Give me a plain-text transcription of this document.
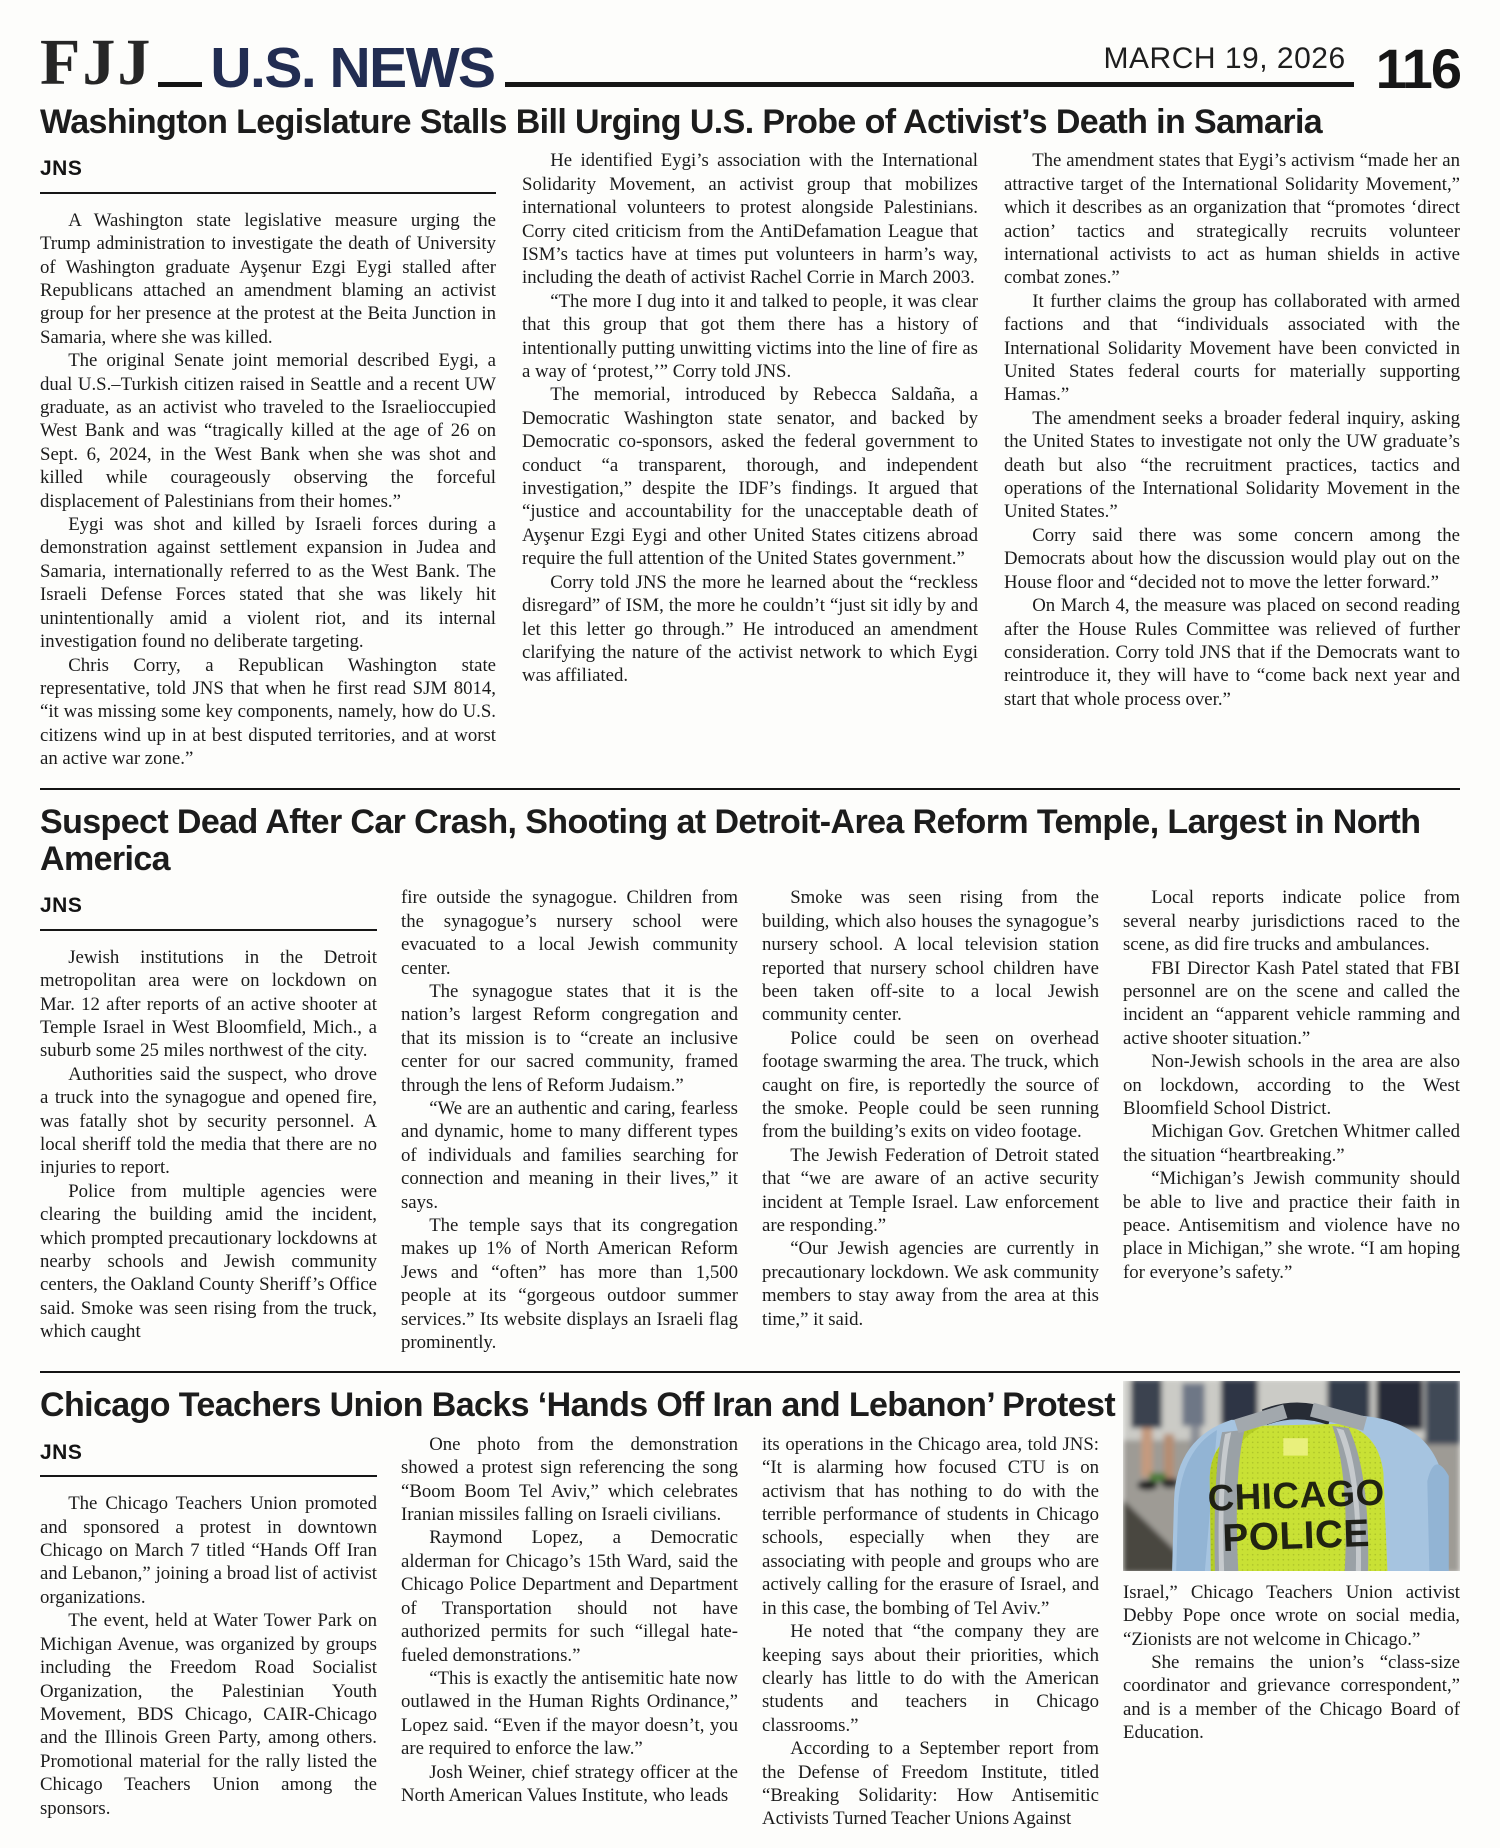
FJJ U.S. NEWS	MARCH 19, 2026 116
Washington Legislature Stalls Bill Urging U.S. Probe of Activist’s Death in Samaria
JNS

A Washington state legislative measure urging the Trump administration to investigate the death of University of Washington graduate Ayşenur Ezgi Eygi stalled after Republicans attached an amendment blaming an activist group for her presence at the protest at the Beita Junction in Samaria, where she was killed.

The original Senate joint memorial described Eygi, a dual U.S.–Turkish citizen raised in Seattle and a recent UW graduate, as an activist who traveled to the Israelioccupied West Bank and was “tragically killed at the age of 26 on Sept. 6, 2024, in the West Bank when she was shot and killed while courageously observing the forceful displacement of Palestinians from their homes.”

Eygi was shot and killed by Israeli forces during a demonstration against settlement expansion in Judea and Samaria, internationally referred to as the West Bank. The Israeli Defense Forces stated that she was likely hit unintentionally amid a violent riot, and its internal investigation found no deliberate targeting.

Chris Corry, a Republican Washington state representative, told JNS that when he first read SJM 8014, “it was missing some key components, namely, how do U.S. citizens wind up in at best disputed territories, and at worst an active war zone.”

He identified Eygi’s association with the International Solidarity Movement, an activist group that mobilizes international volunteers to protest alongside Palestinians. Corry cited criticism from the AntiDefamation League that ISM’s tactics have at times put volunteers in harm’s way, including the death of activist Rachel Corrie in March 2003.

“The more I dug into it and talked to people, it was clear that this group that got them there has a history of intentionally putting unwitting victims into the line of fire as a way of ‘protest,’” Corry told JNS.

The memorial, introduced by Rebecca Saldaña, a Democratic Washington state senator, and backed by Democratic co-sponsors, asked the federal government to conduct “a transparent, thorough, and independent investigation,” despite the IDF’s findings. It argued that “justice and accountability for the unacceptable death of Ayşenur Ezgi Eygi and other United States citizens abroad require the full attention of the United States government.”

Corry told JNS the more he learned about the “reckless disregard” of ISM, the more he couldn’t “just sit idly by and let this letter go through.” He introduced an amendment clarifying the nature of the activist network to which Eygi was affiliated.

The amendment states that Eygi’s activism “made her an attractive target of the International Solidarity Movement,” which it describes as an organization that “promotes ‘direct action’ tactics and strategically recruits volunteer international activists to act as human shields in active combat zones.”

It further claims the group has collaborated with armed factions and that “individuals associated with the International Solidarity Movement have been convicted in United States federal courts for materially supporting Hamas.”

The amendment seeks a broader federal inquiry, asking the United States to investigate not only the UW graduate’s death but also “the recruitment practices, tactics and operations of the International Solidarity Movement in the United States.”

Corry said there was some concern among the Democrats about how the discussion would play out on the House floor and “decided not to move the letter forward.”

On March 4, the measure was placed on second reading after the House Rules Committee was relieved of further consideration. Corry told JNS that if the Democrats want to reintroduce it, they will have to “come back next year and start that whole process over.”

Suspect Dead After Car Crash, Shooting at Detroit-Area Reform Temple, Largest in North America
JNS

Jewish institutions in the Detroit metropolitan area were on lockdown on Mar. 12 after reports of an active shooter at Temple Israel in West Bloomfield, Mich., a suburb some 25 miles northwest of the city.

Authorities said the suspect, who drove a truck into the synagogue and opened fire, was fatally shot by security personnel. A local sheriff told the media that there are no injuries to report.

Police from multiple agencies were clearing the building amid the incident, which prompted precautionary lockdowns at nearby schools and Jewish community centers, the Oakland County Sheriff’s Office said. Smoke was seen rising from the truck, which caught

fire outside the synagogue. Children from the synagogue’s nursery school were evacuated to a local Jewish community center.

The synagogue states that it is the nation’s largest Reform congregation and that its mission is to “create an inclusive center for our sacred community, framed through the lens of Reform Judaism.”

“We are an authentic and caring, fearless and dynamic, home to many different types of individuals and families searching for connection and meaning in their lives,” it says.

The temple says that its congregation makes up 1% of North American Reform Jews and “often” has more than 1,500 people at its “gorgeous outdoor summer services.” Its website displays an Israeli flag prominently.

Smoke was seen rising from the building, which also houses the synagogue’s nursery school. A local television station reported that nursery school children have been taken off-site to a local Jewish community center.

Police could be seen on overhead footage swarming the area. The truck, which caught on fire, is reportedly the source of the smoke. People could be seen running from the building’s exits on video footage.

The Jewish Federation of Detroit stated that “we are aware of an active security incident at Temple Israel. Law enforcement are responding.”

“Our Jewish agencies are currently in precautionary lockdown. We ask community members to stay away from the area at this time,” it said.

Local reports indicate police from several nearby jurisdictions raced to the scene, as did fire trucks and ambulances.

FBI Director Kash Patel stated that FBI personnel are on the scene and called the incident an “apparent vehicle ramming and active shooter situation.”

Non-Jewish schools in the area are also on lockdown, according to the West Bloomfield School District.

Michigan Gov. Gretchen Whitmer called the situation “heartbreaking.”

“Michigan’s Jewish community should be able to live and practice their faith in peace. Antisemitism and violence have no place in Michigan,” she wrote. “I am hoping for everyone’s safety.”

Chicago Teachers Union Backs ‘Hands Off Iran and Lebanon’ Protest
JNS

The Chicago Teachers Union promoted and sponsored a protest in downtown Chicago on March 7 titled “Hands Off Iran and Lebanon,” joining a broad list of activist organizations.

The event, held at Water Tower Park on Michigan Avenue, was organized by groups including the Freedom Road Socialist Organization, the Palestinian Youth Movement, BDS Chicago, CAIR-Chicago and the Illinois Green Party, among others. Promotional material for the rally listed the Chicago Teachers Union among the sponsors.

One photo from the demonstration showed a protest sign referencing the song “Boom Boom Tel Aviv,” which celebrates Iranian missiles falling on Israeli civilians.

Raymond Lopez, a Democratic alderman for Chicago’s 15th Ward, said the Chicago Police Department and Department of Transportation should not have authorized permits for such “illegal hate-fueled demonstrations.”

“This is exactly the antisemitic hate now outlawed in the Human Rights Ordinance,” Lopez said. “Even if the mayor doesn’t, you are required to enforce the law.”

Josh Weiner, chief strategy officer at the North American Values Institute, who leads

its operations in the Chicago area, told JNS: “It is alarming how focused CTU is on activism that has nothing to do with the terrible performance of students in Chicago schools, especially when they are associating with people and groups who are actively calling for the erasure of Israel, and in this case, the bombing of Tel Aviv.”

He noted that “the company they are keeping says about their priorities, which clearly has little to do with the American students and teachers in Chicago classrooms.”

According to a September report from the Defense of Freedom Institute, titled “Breaking Solidarity: How Antisemitic Activists Turned Teacher Unions Against

CHICAGO
POLICE

Israel,” Chicago Teachers Union activist Debby Pope once wrote on social media, “Zionists are not welcome in Chicago.”

She remains the union’s “class-size coordinator and grievance correspondent,” and is a member of the Chicago Board of Education.
